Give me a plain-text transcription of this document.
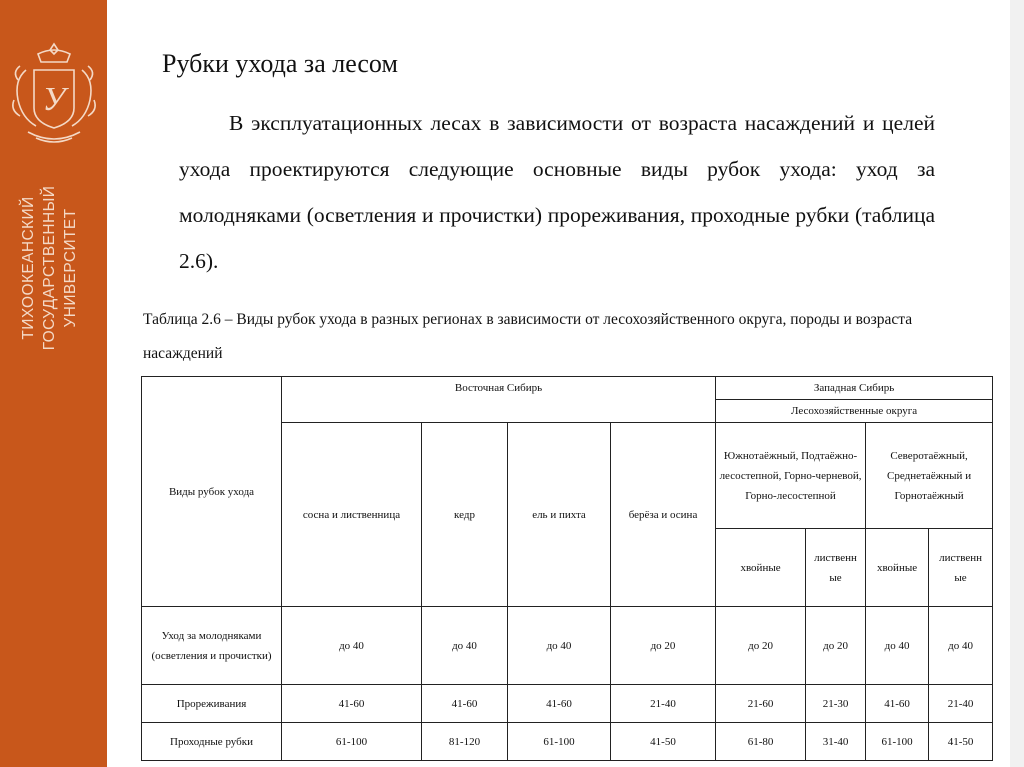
У
ТИХООКЕАНСКИЙ ГОСУДАРСТВЕННЫЙ УНИВЕРСИТЕТ
Рубки ухода за лесом
В эксплуатационных лесах в зависимости от возраста насаждений и целей ухода проектируются следующие основные виды рубок ухода: уход за молодняками (осветления и прочистки) прореживания, проходные рубки (таблица 2.6).
Таблица 2.6 – Виды рубок ухода в разных регионах в зависимости от лесохозяйственного округа, породы и возраста насаждений
Виды рубок ухода	Восточная Сибирь				Западная Сибирь			
					Лесохозяйственные округа			
	сосна и лиственница	кедр	ель и пихта	берёза и осина	Южнотаёжный, Подтаёжно-лесостепной, Горно-черневой, Горно-лесостепной		Северотаёжный, Среднетаёжный и Горнотаёжный	
					хвойные	лиственн ые	хвойные	лиственн ые
Уход за молодняками (осветления и прочистки)	до 40	до 40	до 40	до 20	до 20	до 20	до 40	до 40
Прореживания	41-60	41-60	41-60	21-40	21-60	21-30	41-60	21-40
Проходные рубки	61-100	81-120	61-100	41-50	61-80	31-40	61-100	41-50
